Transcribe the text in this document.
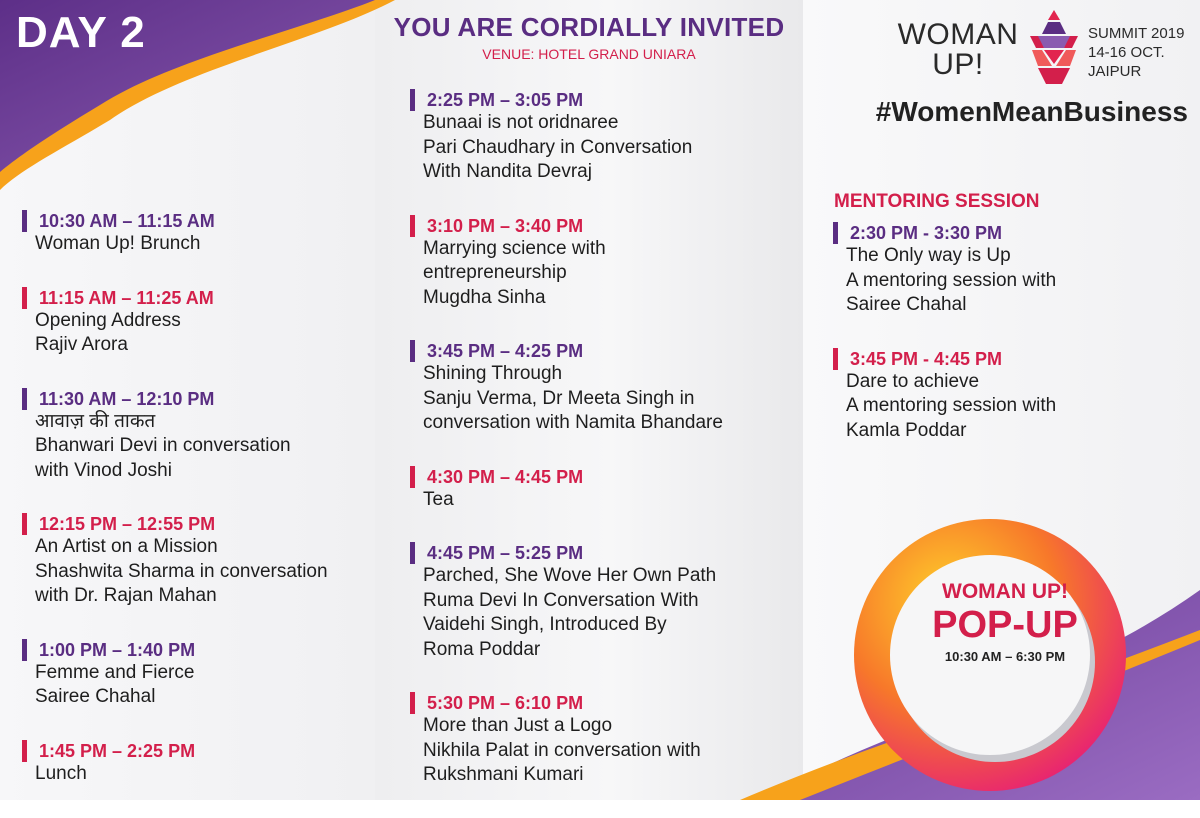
DAY 2	YOU ARE CORDIALLY INVITED
VENUE: HOTEL GRAND UNIARA
WOMAN
UP!
SUMMIT 2019
14-16 OCT.
JAIPUR
#WomenMeanBusiness
MENTORING SESSION
10:30 AM – 11:15 AM
Woman Up! Brunch
11:15 AM – 11:25 AM
Opening Address
Rajiv Arora
11:30 AM – 12:10 PM
आवाज़ की ताकत
Bhanwari Devi in conversation
with Vinod Joshi
12:15 PM – 12:55 PM
An Artist on a Mission
Shashwita Sharma in conversation
with Dr. Rajan Mahan
1:00 PM – 1:40 PM
Femme and Fierce
Sairee Chahal
1:45 PM – 2:25 PM
Lunch
2:25 PM – 3:05 PM
Bunaai is not oridnaree
Pari Chaudhary in Conversation
With Nandita Devraj
3:10 PM – 3:40 PM
Marrying science with
entrepreneurship
Mugdha Sinha
3:45 PM – 4:25 PM
Shining Through
Sanju Verma, Dr Meeta Singh in
conversation with Namita Bhandare
4:30 PM – 4:45 PM
Tea
4:45 PM – 5:25 PM
Parched, She Wove Her Own Path
Ruma Devi In Conversation With
Vaidehi Singh, Introduced By
Roma Poddar
5:30 PM – 6:10 PM
More than Just a Logo
Nikhila Palat in conversation with
Rukshmani Kumari
2:30 PM - 3:30 PM
The Only way is Up
A mentoring session with
Sairee Chahal
3:45 PM - 4:45 PM
Dare to achieve
A mentoring session with
Kamla Poddar
WOMAN UP!
POP-UP
10:30 AM – 6:30 PM
